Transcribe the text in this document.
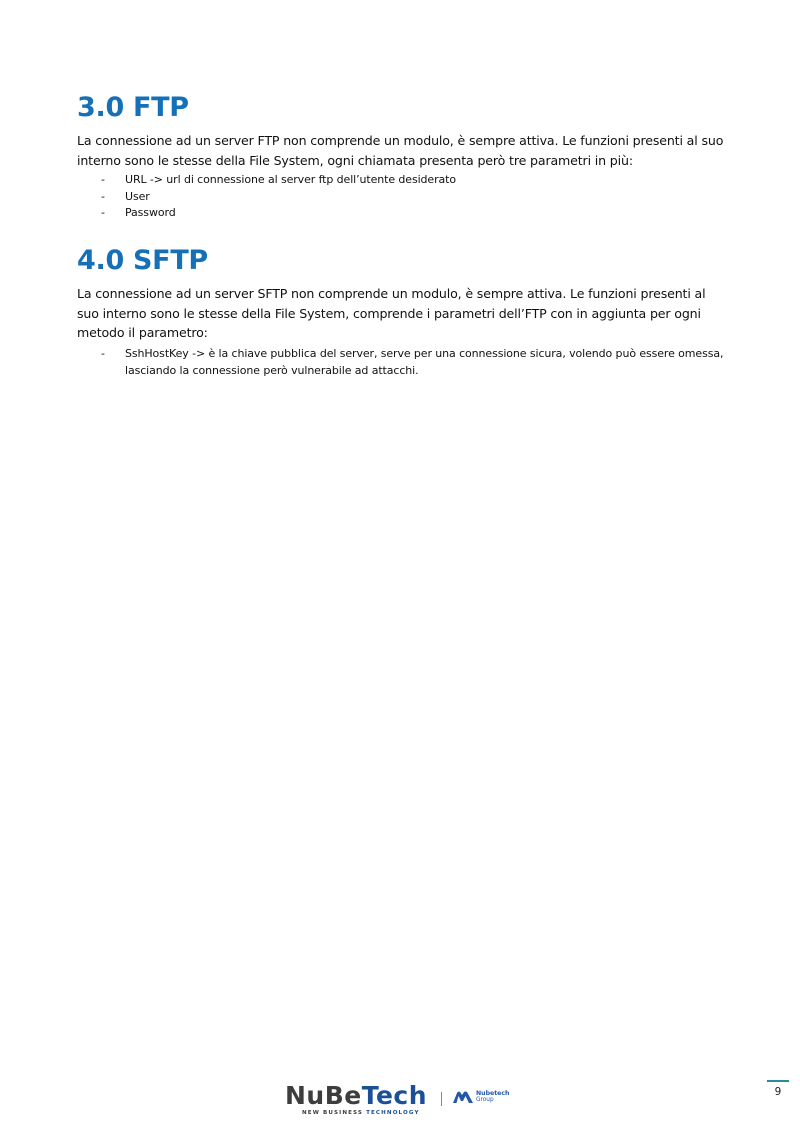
3.0 FTP

La connessione ad un server FTP non comprende un modulo, è sempre attiva. Le funzioni presenti al suo interno sono le stesse della File System, ogni chiamata presenta però tre parametri in più:

- URL -> url di connessione al server ftp dell’utente desiderato
- User
- Password
4.0 SFTP

La connessione ad un server SFTP non comprende un modulo, è sempre attiva. Le funzioni presenti al suo interno sono le stesse della File System, comprende i parametri dell’FTP con in aggiunta per ogni metodo il parametro:

- SshHostKey -> è la chiave pubblica del server, serve per una connessione sicura, volendo può essere omessa, lasciando la connessione però vulnerabile ad attacchi.
NuBeTech
NEW BUSINESS TECHNOLOGY
Nubetech
Group
9
